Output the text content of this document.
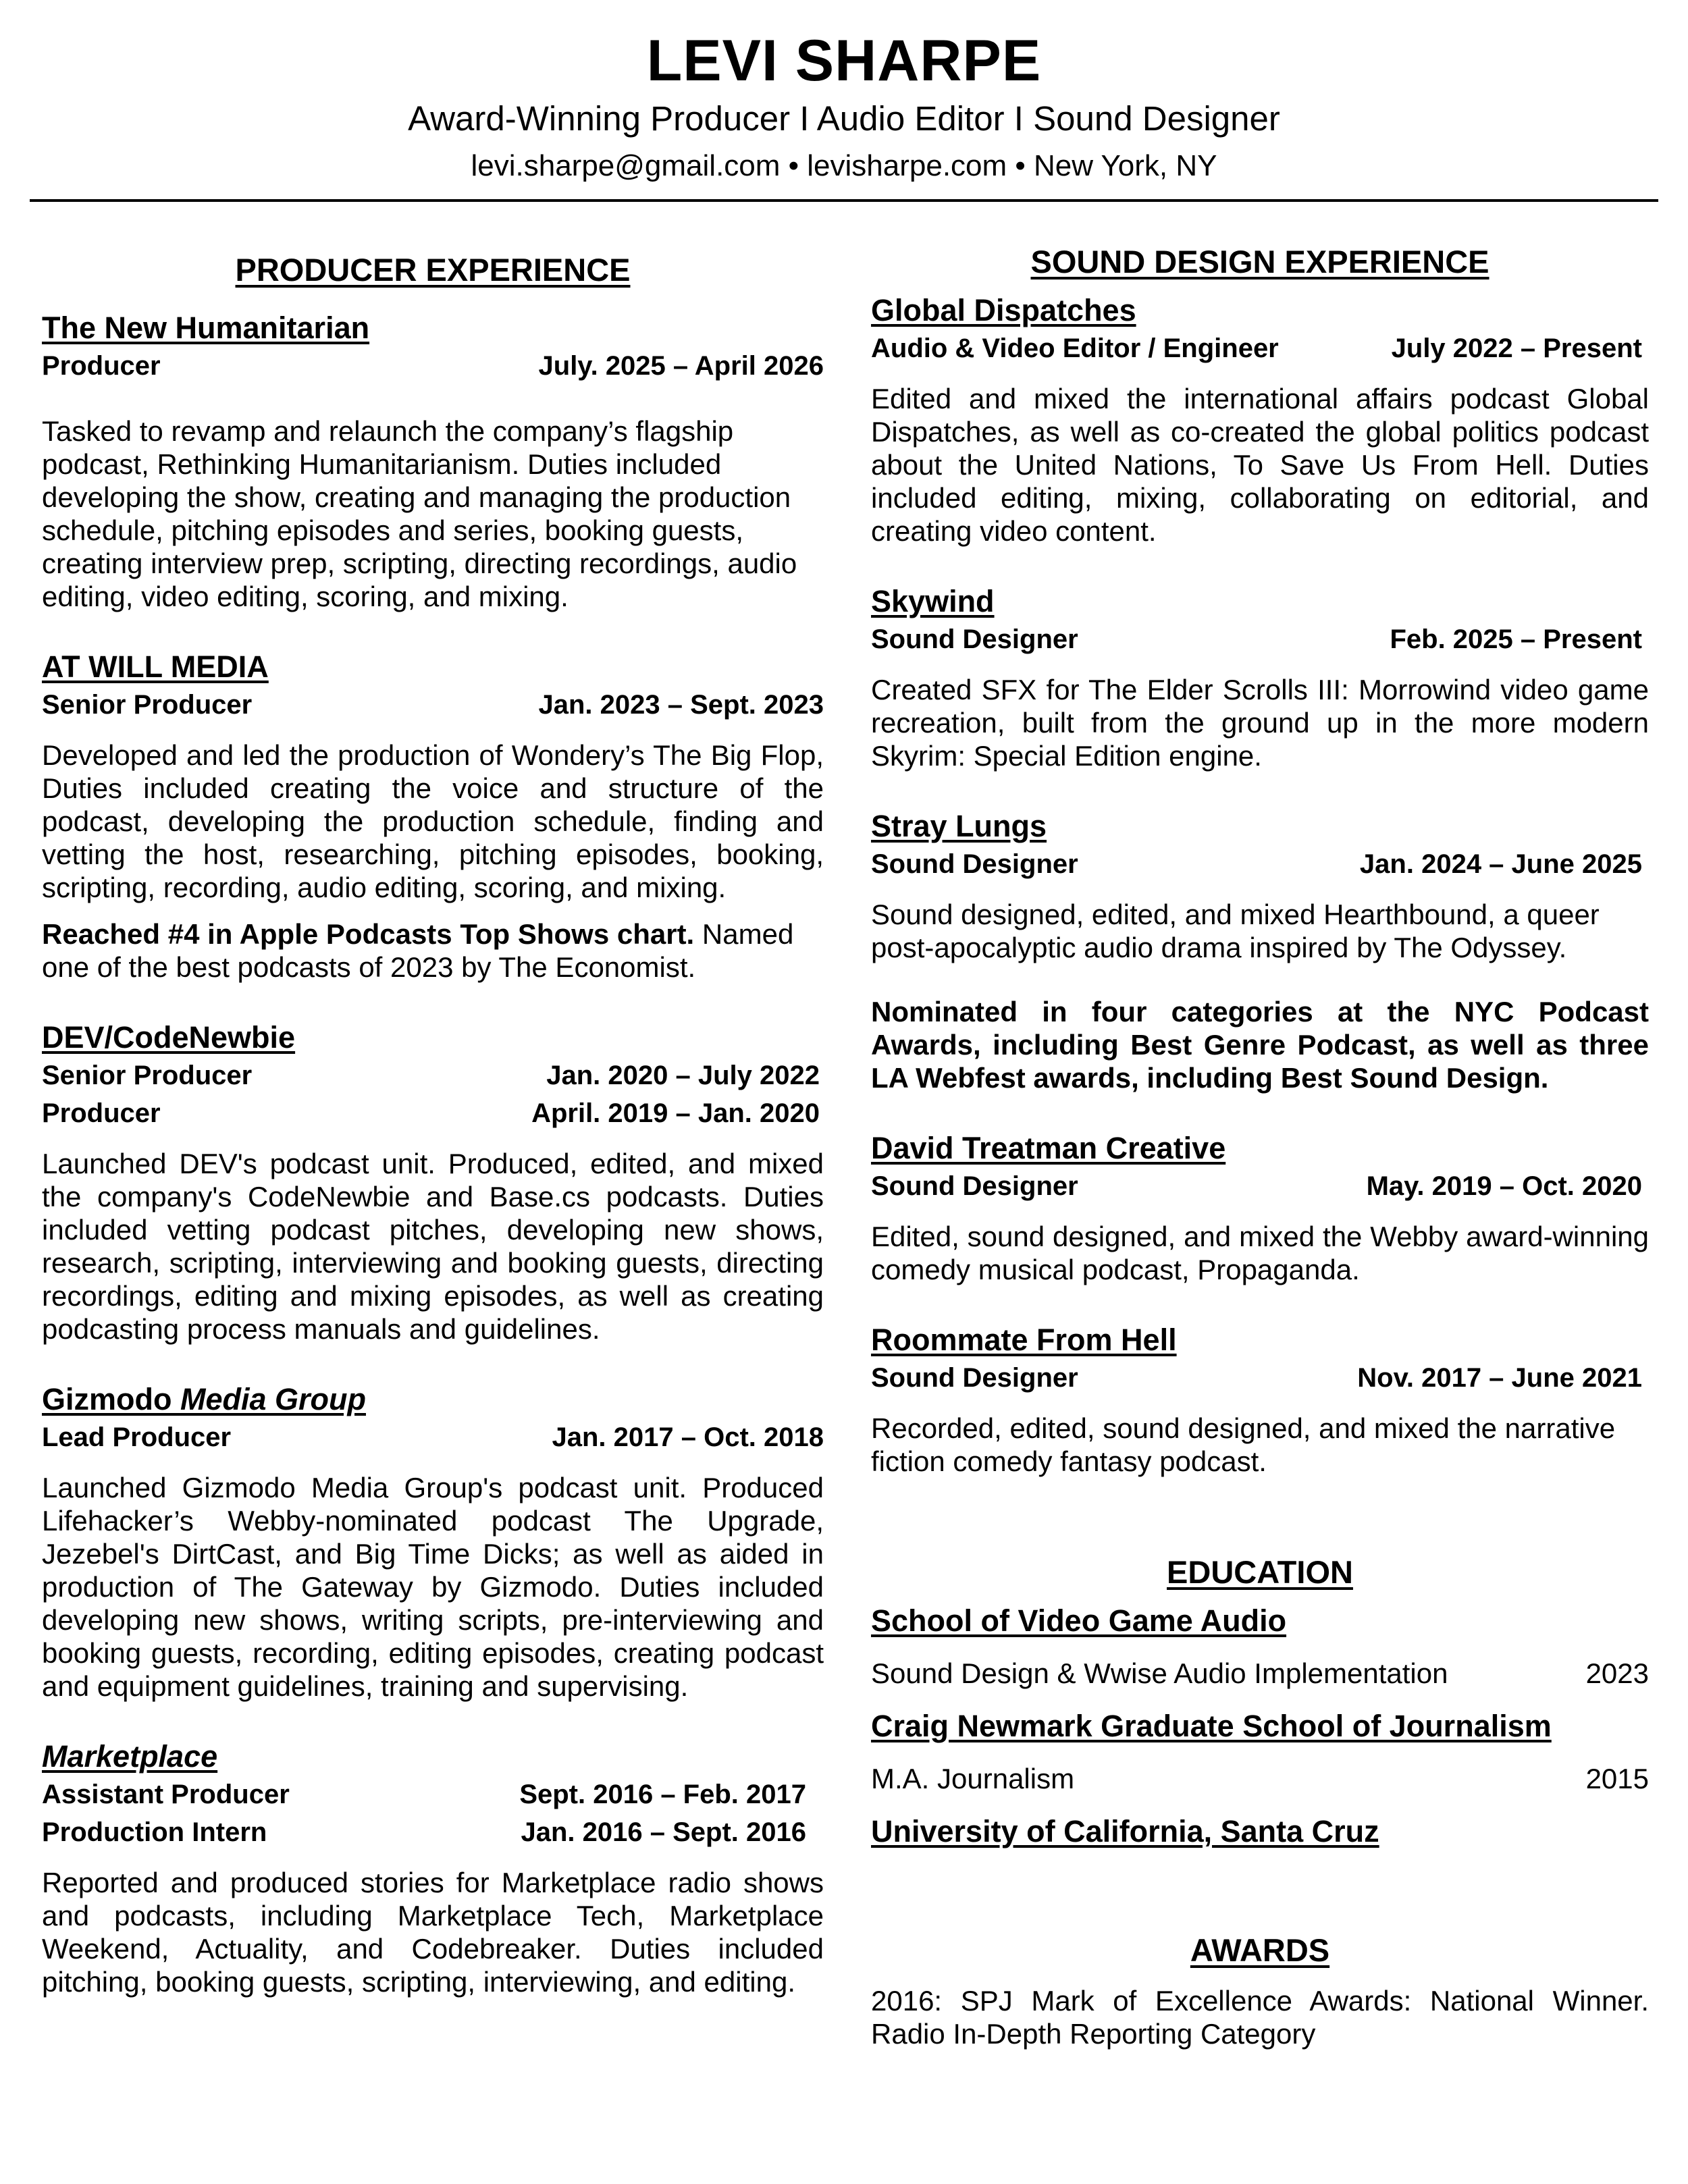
LEVI SHARPE
Award-Winning Producer I Audio Editor I Sound Designer
levi.sharpe@gmail.com • levisharpe.com • New York, NY
PRODUCER EXPERIENCE
The New Humanitarian
Producer	July. 2025 – April 2026
Tasked to revamp and relaunch the company’s flagship podcast, Rethinking Humanitarianism. Duties included developing the show, creating and managing the production schedule, pitching episodes and series, booking guests, creating interview prep, scripting, directing recordings, audio editing, video editing, scoring, and mixing.
AT WILL MEDIA
Senior Producer	Jan. 2023 – Sept. 2023
Developed and led the production of Wondery’s The Big Flop, Duties included creating the voice and structure of the podcast, developing the production schedule, finding and vetting the host, researching, pitching episodes, booking, scripting, recording, audio editing, scoring, and mixing.
Reached #4 in Apple Podcasts Top Shows chart. Named one of the best podcasts of 2023 by The Economist.
DEV/CodeNewbie
Senior Producer	Jan. 2020 – July 2022
Producer	April. 2019 – Jan. 2020
Launched DEV's podcast unit. Produced, edited, and mixed the company's CodeNewbie and Base.cs podcasts. Duties included vetting podcast pitches, developing new shows, research, scripting, interviewing and booking guests, directing recordings, editing and mixing episodes, as well as creating podcasting process manuals and guidelines.
Gizmodo Media Group
Lead Producer	Jan. 2017 – Oct. 2018
Launched Gizmodo Media Group's podcast unit. Produced Lifehacker’s Webby-nominated podcast The Upgrade, Jezebel's DirtCast, and Big Time Dicks; as well as aided in production of The Gateway by Gizmodo. Duties included developing new shows, writing scripts, pre-interviewing and booking guests, recording, editing episodes, creating podcast and equipment guidelines, training and supervising.
Marketplace
Assistant Producer	Sept. 2016 – Feb. 2017
Production Intern	Jan. 2016 – Sept. 2016
Reported and produced stories for Marketplace radio shows and podcasts, including Marketplace Tech, Marketplace Weekend, Actuality, and Codebreaker. Duties included pitching, booking guests, scripting, interviewing, and editing.
SOUND DESIGN EXPERIENCE
Global Dispatches
Audio & Video Editor / Engineer	July 2022 – Present
Edited and mixed the international affairs podcast Global Dispatches, as well as co-created the global politics podcast about the United Nations, To Save Us From Hell. Duties included editing, mixing, collaborating on editorial, and creating video content.
Skywind
Sound Designer	Feb. 2025 – Present
Created SFX for The Elder Scrolls III: Morrowind video game recreation, built from the ground up in the more modern Skyrim: Special Edition engine.
Stray Lungs
Sound Designer	Jan. 2024 – June 2025
Sound designed, edited, and mixed Hearthbound, a queer post-apocalyptic audio drama inspired by The Odyssey.
Nominated in four categories at the NYC Podcast Awards, including Best Genre Podcast, as well as three LA Webfest awards, including Best Sound Design.
David Treatman Creative
Sound Designer	May. 2019 – Oct. 2020
Edited, sound designed, and mixed the Webby award-winning comedy musical podcast, Propaganda.
Roommate From Hell
Sound Designer	Nov. 2017 – June 2021
Recorded, edited, sound designed, and mixed the narrative fiction comedy fantasy podcast.
EDUCATION
School of Video Game Audio
Sound Design & Wwise Audio Implementation	2023
Craig Newmark Graduate School of Journalism
M.A. Journalism	2015
University of California, Santa Cruz
AWARDS
2016: SPJ Mark of Excellence Awards: National Winner. Radio In-Depth Reporting Category
